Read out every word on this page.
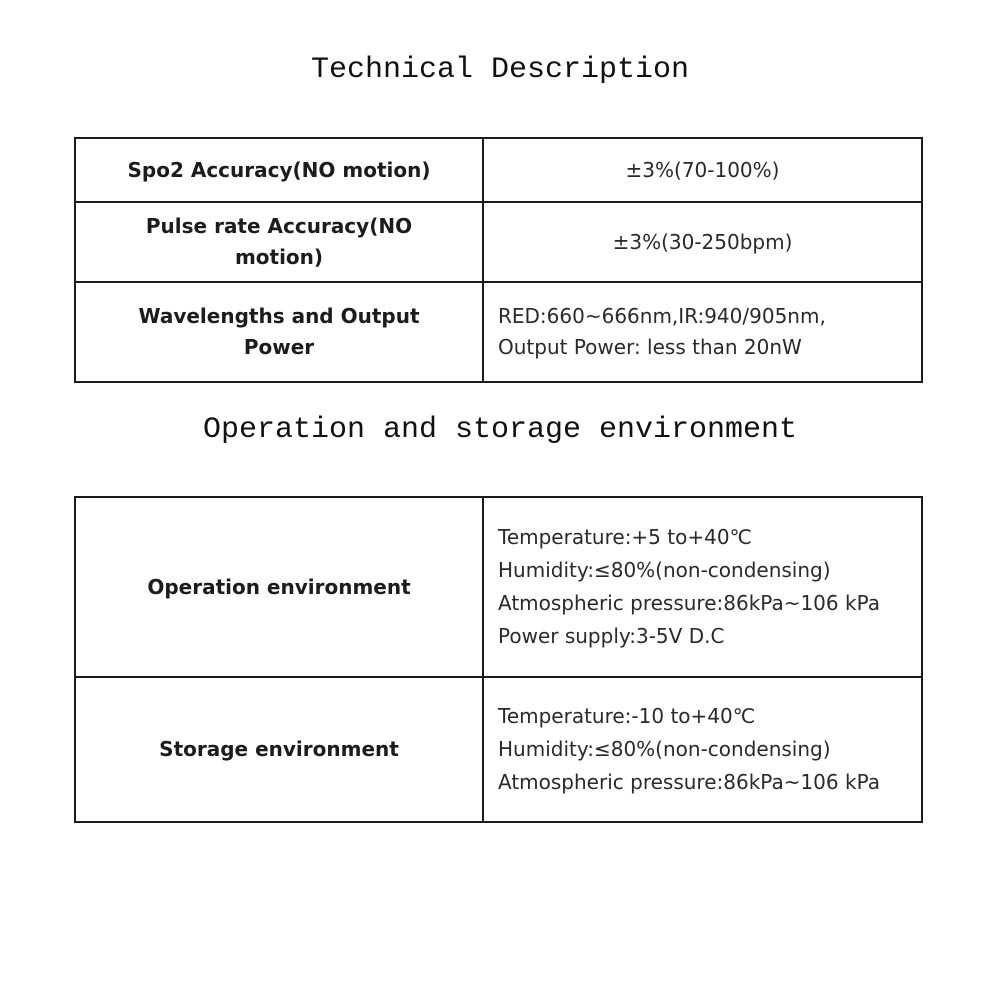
Technical Description
Spo2 Accuracy(NO motion)	±3%(70-100%)
Pulse rate Accuracy(NO
motion)
±3%(30-250bpm)
Wavelengths and Output
Power
RED:660~666nm,IR:940/905nm,
Output Power: less than 20nW
Operation and storage environment
Operation environment
Temperature:+5 to+40℃
Humidity:≤80%(non-condensing)
Atmospheric pressure:86kPa~106 kPa
Power supply:3-5V D.C
Storage environment
Temperature:-10 to+40℃
Humidity:≤80%(non-condensing)
Atmospheric pressure:86kPa~106 kPa
